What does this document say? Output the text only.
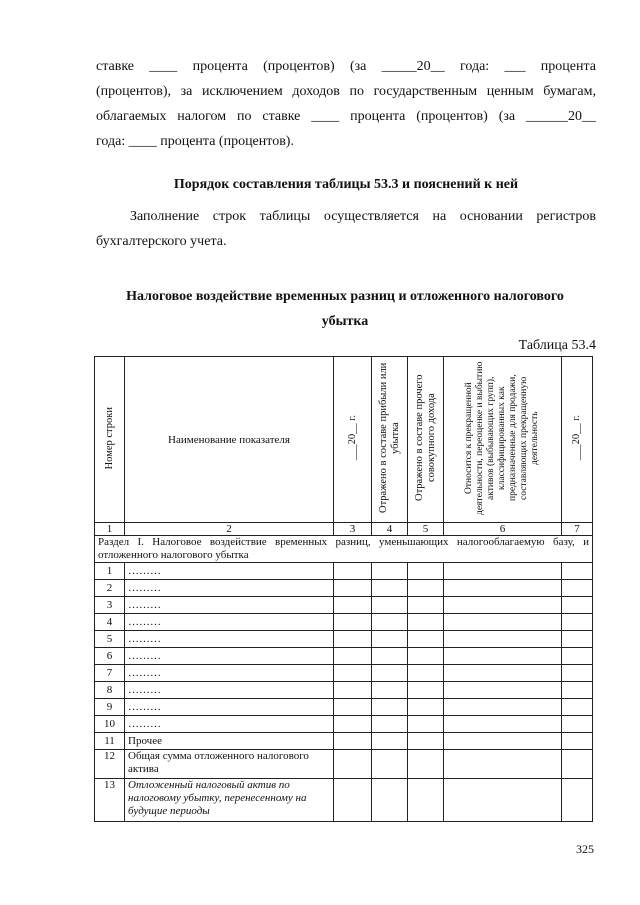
ставке ____ процента (процентов) (за _____20__ года: ___ процента
(процентов), за исключением доходов по государственным ценным бумагам,
облагаемых налогом по ставке ____ процента (процентов) (за ______20__
года: ____ процента (процентов).
Порядок составления таблицы 53.3 и пояснений к ней
Заполнение строк таблицы осуществляется на основании регистров
бухгалтерского учета.
Налоговое воздействие временных разниц и отложенного налогового
убытка
Таблица 53.4
Номер строки	Наименование показателя	___20__ г.	Отражено в составе прибыли или убытка	Отражено в составе прочего совокупного дохода	Относится к прекращенной деятельности, переоценке и выбытию активов (выбывающих групп), классифицированных как предназначенные для продажи, составляющих прекращенную деятельность	___20__ г.
1	2	3	4	5	6	7
Раздел I. Налоговое воздействие временных разниц, уменьшающих налогооблагаемую базу, и отложенного налогового убытка						
1	………					
2	………					
3	………					
4	………					
5	………					
6	………					
7	………					
8	………					
9	………					
10	………					
11	Прочее					
12	Общая сумма отложенного налогового актива					
13	Отложенный налоговый актив по налоговому убытку, перенесенному на будущие периоды					
325
